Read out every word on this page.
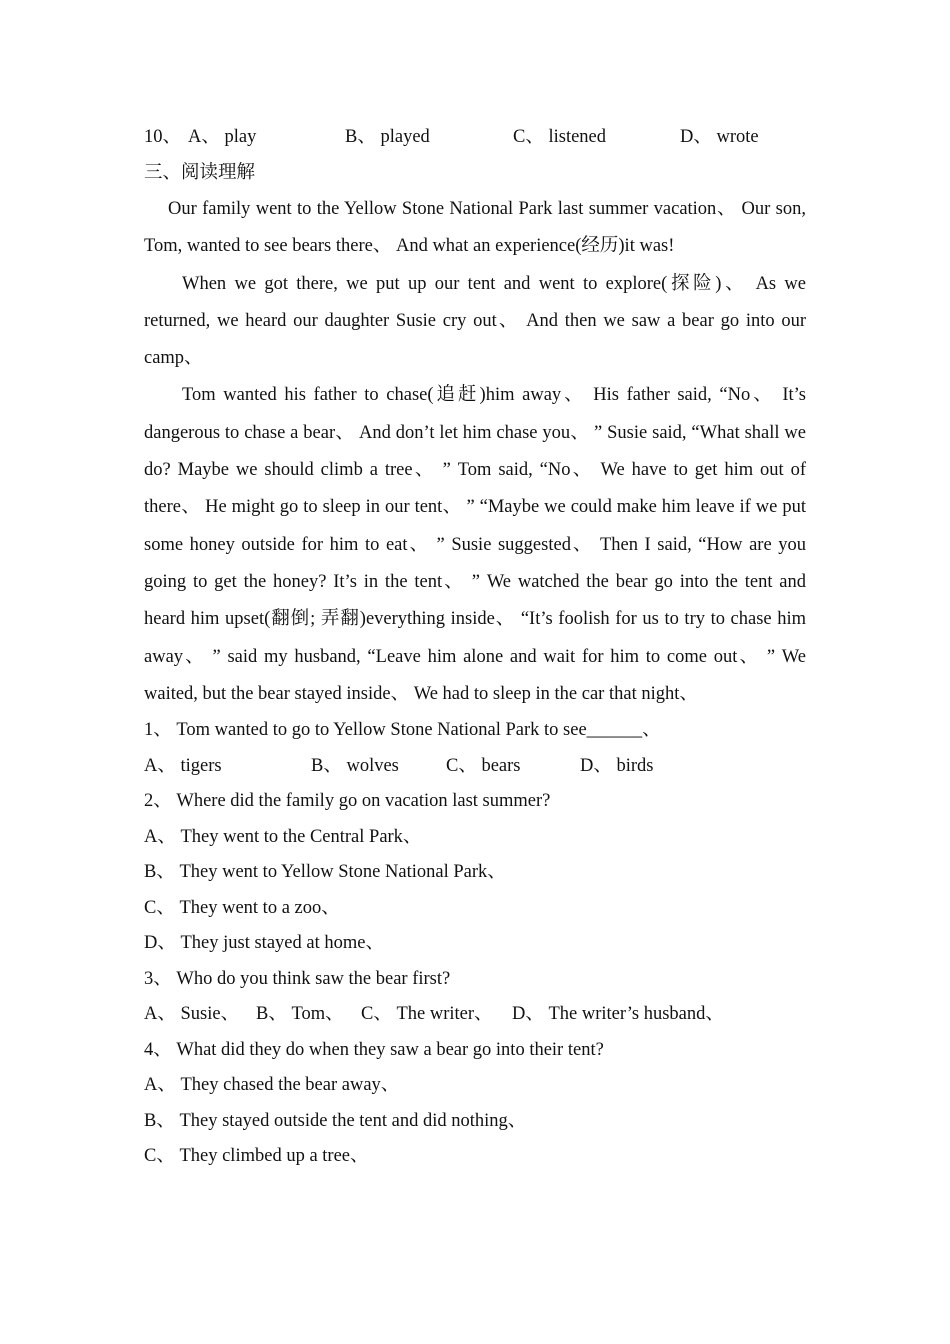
10、 A、 play	B、 played	C、 listened	D、 wrote
三、阅读理解

Our family went to the Yellow Stone National Park last summer vacation、 Our son, Tom, wanted to see bears there、 And what an experience(经历)it was!

When we got there, we put up our tent and went to explore(探险)、 As we returned, we heard our daughter Susie cry out、 And then we saw a bear go into our camp、

Tom wanted his father to chase(追赶)him away、 His father said, “No、 It’s dangerous to chase a bear、 And don’t let him chase you、 ” Susie said, “What shall we do? Maybe we should climb a tree、 ” Tom said, “No、 We have to get him out of there、 He might go to sleep in our tent、 ” “Maybe we could make him leave if we put some honey outside for him to eat、 ” Susie suggested、 Then I said, “How are you going to get the honey? It’s in the tent、 ” We watched the bear go into the tent and heard him upset(翻倒; 弄翻)everything inside、 “It’s foolish for us to try to chase him away、 ” said my husband, “Leave him alone and wait for him to come out、 ” We waited, but the bear stayed inside、 We had to sleep in the car that night、

1、 Tom wanted to go to Yellow Stone National Park to see______、
A、 tigers	B、 wolves	C、 bears	D、 birds
2、 Where did the family go on vacation last summer?
A、 They went to the Central Park、
B、 They went to Yellow Stone National Park、
C、 They went to a zoo、
D、 They just stayed at home、
3、 Who do you think saw the bear first?
A、 Susie、 B、 Tom、 C、 The writer、 D、 The writer’s husband、
4、 What did they do when they saw a bear go into their tent?
A、 They chased the bear away、
B、 They stayed outside the tent and did nothing、
C、 They climbed up a tree、
